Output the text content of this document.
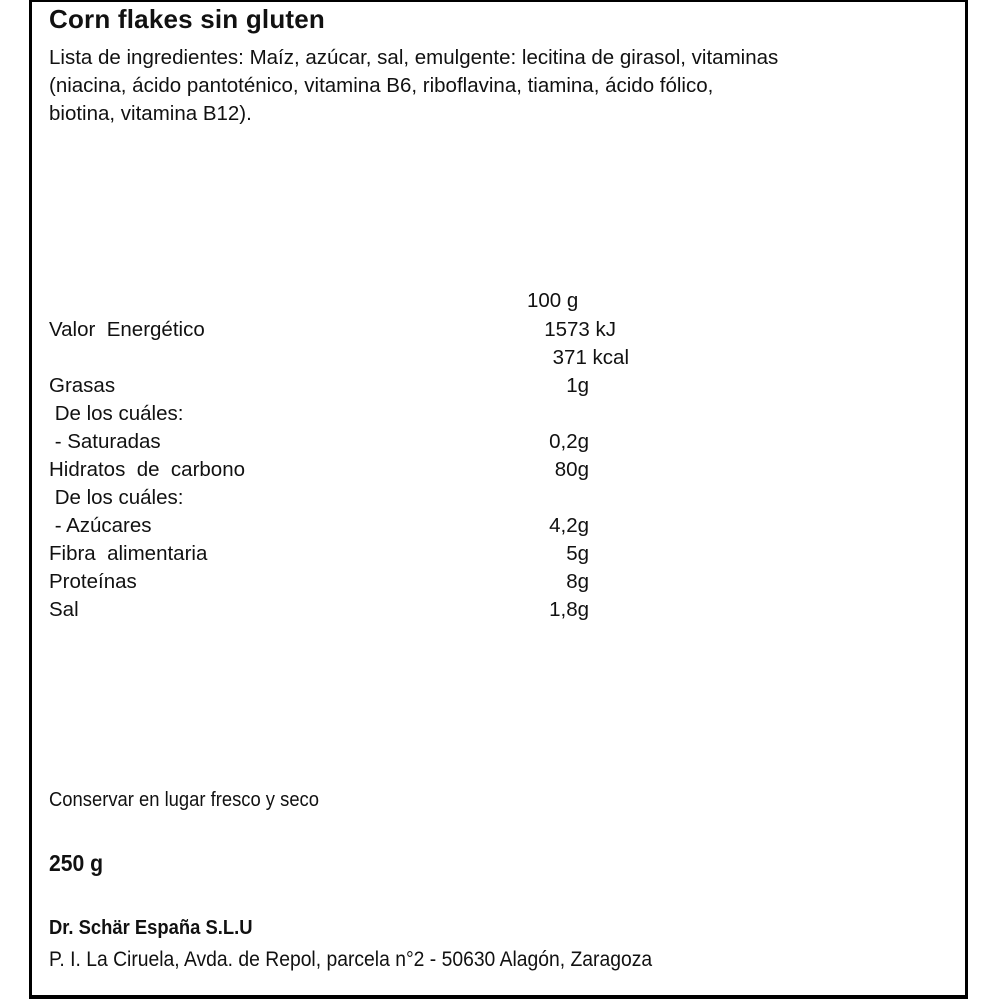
Corn flakes sin gluten
Lista de ingredientes: Maíz, azúcar, sal, emulgente: lecitina de girasol, vitaminas
(niacina, ácido pantoténico, vitamina B6, riboflavina, tiamina, ácido fólico,
biotina, vitamina B12).
100 g
Valor  Energético	1573 kJ
371 kcal
Grasas	1g
De los cuáles:
- Saturadas	0,2g
Hidratos  de  carbono	80g
De los cuáles:
- Azúcares	4,2g
Fibra  alimentaria	5g
Proteínas	8g
Sal	1,8g
Conservar en lugar fresco y seco
250 g
Dr. Schär España S.L.U
P. I. La Ciruela, Avda. de Repol, parcela n°2 - 50630 Alagón, Zaragoza
